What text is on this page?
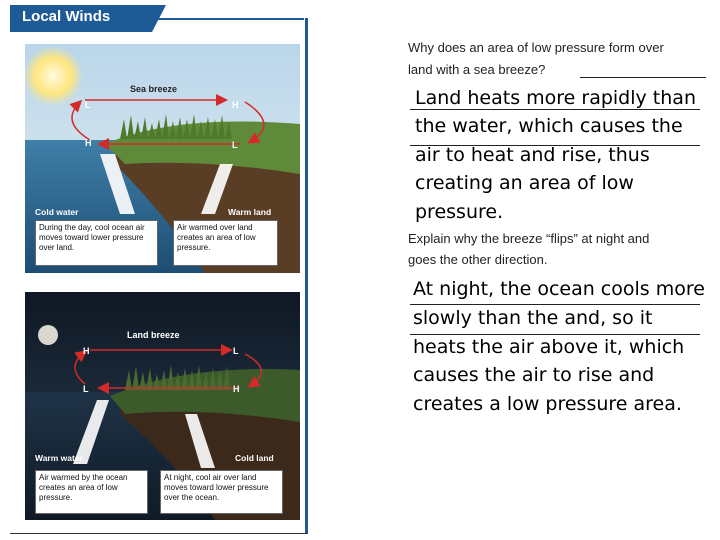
Local Winds
Sea breeze
L	H
H	L
Cold water	Warm land
During the day, cool ocean air moves toward lower pressure over land.
Air warmed over land creates an area of low pressure.
Land breeze
H	L
L	H
Warm water	Cold land
Air warmed by the ocean creates an area of low pressure.
At night, cool air over land moves toward lower pressure over the ocean.
Why does an area of low pressure form over
land with a sea breeze?
Land heats more rapidly than
the water, which causes the
air to heat and rise, thus
creating an area of low
pressure.
Explain why the breeze “flips” at night and
goes the other direction.
At night, the ocean cools more
slowly than the and, so it
heats the air above it, which
causes the air to rise and
creates a low pressure area.
